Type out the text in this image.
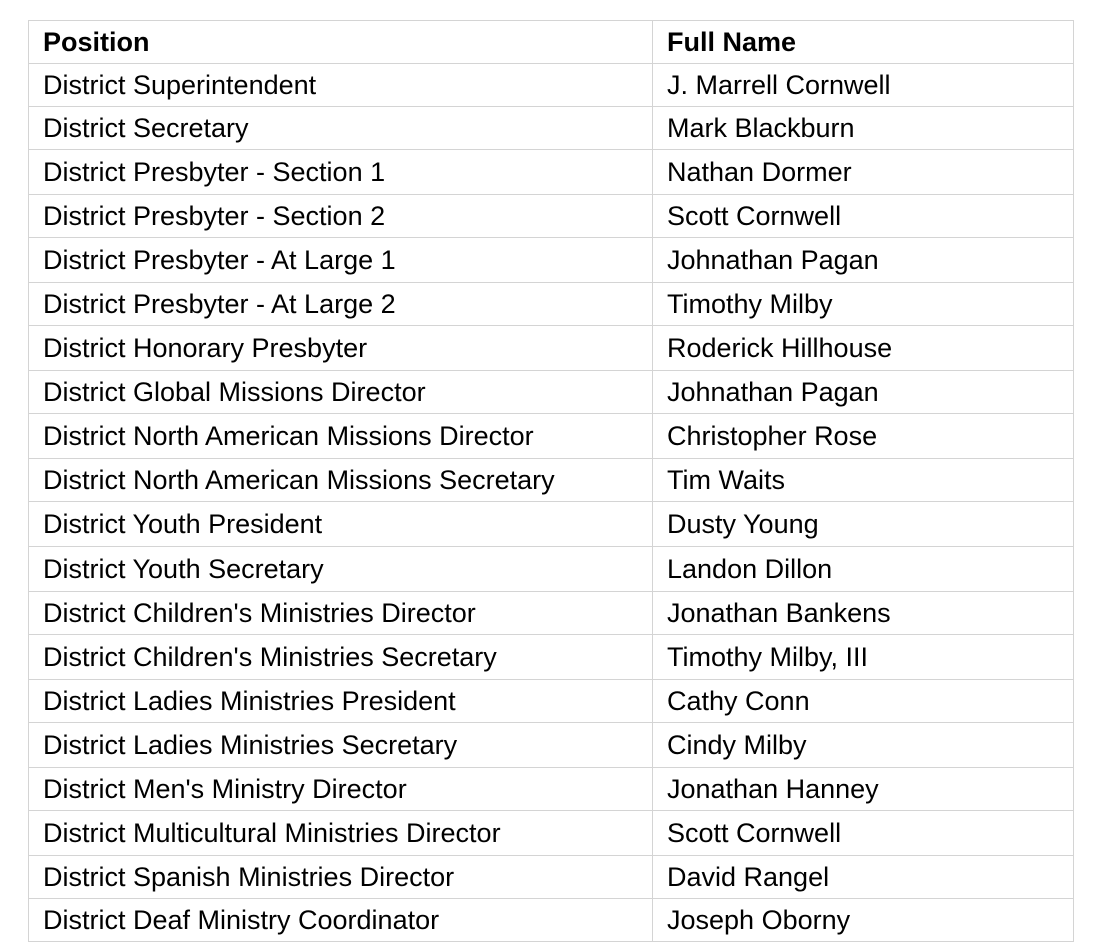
Position	Full Name
District Superintendent	J. Marrell Cornwell
District Secretary	Mark Blackburn
District Presbyter - Section 1	Nathan Dormer
District Presbyter - Section 2	Scott Cornwell
District Presbyter - At Large 1	Johnathan Pagan
District Presbyter - At Large 2	Timothy Milby
District Honorary Presbyter	Roderick Hillhouse
District Global Missions Director	Johnathan Pagan
District North American Missions Director	Christopher Rose
District North American Missions Secretary	Tim Waits
District Youth President	Dusty Young
District Youth Secretary	Landon Dillon
District Children's Ministries Director	Jonathan Bankens
District Children's Ministries Secretary	Timothy Milby, III
District Ladies Ministries President	Cathy Conn
District Ladies Ministries Secretary	Cindy Milby
District Men's Ministry Director	Jonathan Hanney
District Multicultural Ministries Director	Scott Cornwell
District Spanish Ministries Director	David Rangel
District Deaf Ministry Coordinator	Joseph Oborny
